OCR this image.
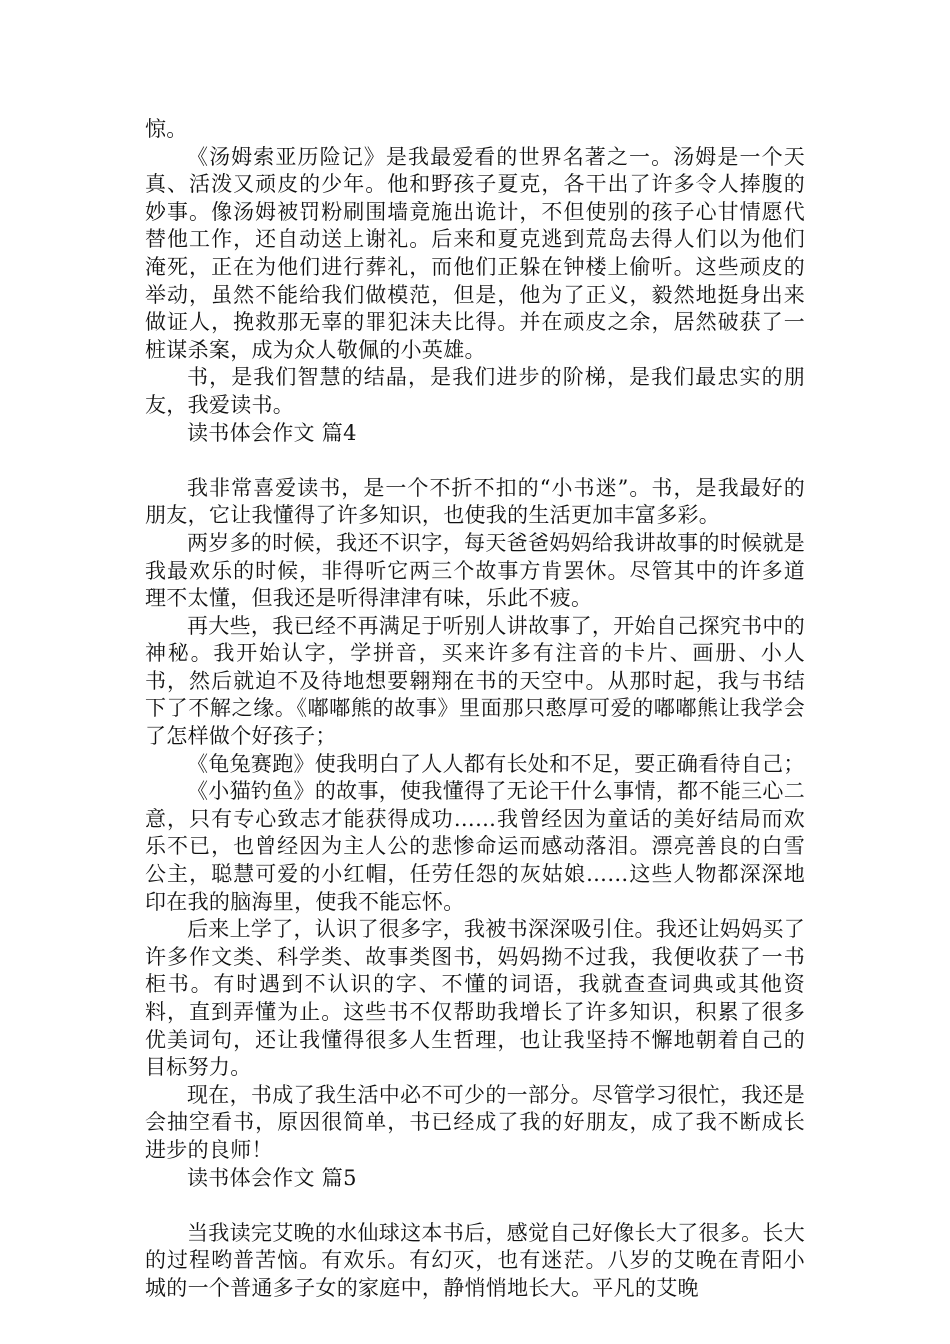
惊。

《汤姆索亚历险记》是我最爱看的世界名著之一。汤姆是一个天真、活泼又顽皮的少年。他和野孩子夏克，各干出了许多令人捧腹的妙事。像汤姆被罚粉刷围墙竟施出诡计，不但使别的孩子心甘情愿代替他工作，还自动送上谢礼。后来和夏克逃到荒岛去得人们以为他们淹死，正在为他们进行葬礼，而他们正躲在钟楼上偷听。这些顽皮的举动，虽然不能给我们做模范，但是，他为了正义，毅然地挺身出来做证人，挽救那无辜的罪犯沫夫比得。并在顽皮之余，居然破获了一桩谋杀案，成为众人敬佩的小英雄。

书，是我们智慧的结晶，是我们进步的阶梯，是我们最忠实的朋友，我爱读书。

读书体会作文 篇4

我非常喜爱读书，是一个不折不扣的“小书迷”。书，是我最好的朋友，它让我懂得了许多知识，也使我的生活更加丰富多彩。

两岁多的时候，我还不识字，每天爸爸妈妈给我讲故事的时候就是我最欢乐的时候，非得听它两三个故事方肯罢休。尽管其中的许多道理不太懂，但我还是听得津津有味，乐此不疲。

再大些，我已经不再满足于听别人讲故事了，开始自己探究书中的神秘。我开始认字，学拼音，买来许多有注音的卡片、画册、小人书，然后就迫不及待地想要翱翔在书的天空中。从那时起，我与书结下了不解之缘。《嘟嘟熊的故事》里面那只憨厚可爱的嘟嘟熊让我学会了怎样做个好孩子；

《龟兔赛跑》使我明白了人人都有长处和不足，要正确看待自己；

《小猫钓鱼》的故事，使我懂得了无论干什么事情，都不能三心二意，只有专心致志才能获得成功……我曾经因为童话的美好结局而欢乐不已，也曾经因为主人公的悲惨命运而感动落泪。漂亮善良的白雪公主，聪慧可爱的小红帽，任劳任怨的灰姑娘……这些人物都深深地印在我的脑海里，使我不能忘怀。

后来上学了，认识了很多字，我被书深深吸引住。我还让妈妈买了许多作文类、科学类、故事类图书，妈妈拗不过我，我便收获了一书柜书。有时遇到不认识的字、不懂的词语，我就查查词典或其他资料，直到弄懂为止。这些书不仅帮助我增长了许多知识，积累了很多优美词句，还让我懂得很多人生哲理，也让我坚持不懈地朝着自己的目标努力。

现在，书成了我生活中必不可少的一部分。尽管学习很忙，我还是会抽空看书，原因很简单，书已经成了我的好朋友，成了我不断成长进步的良师！

读书体会作文 篇5

当我读完艾晚的水仙球这本书后，感觉自己好像长大了很多。长大的过程哟普苦恼。有欢乐。有幻灭，也有迷茫。八岁的艾晚在青阳小城的一个普通多子女的家庭中，静悄悄地长大。平凡的艾晚
